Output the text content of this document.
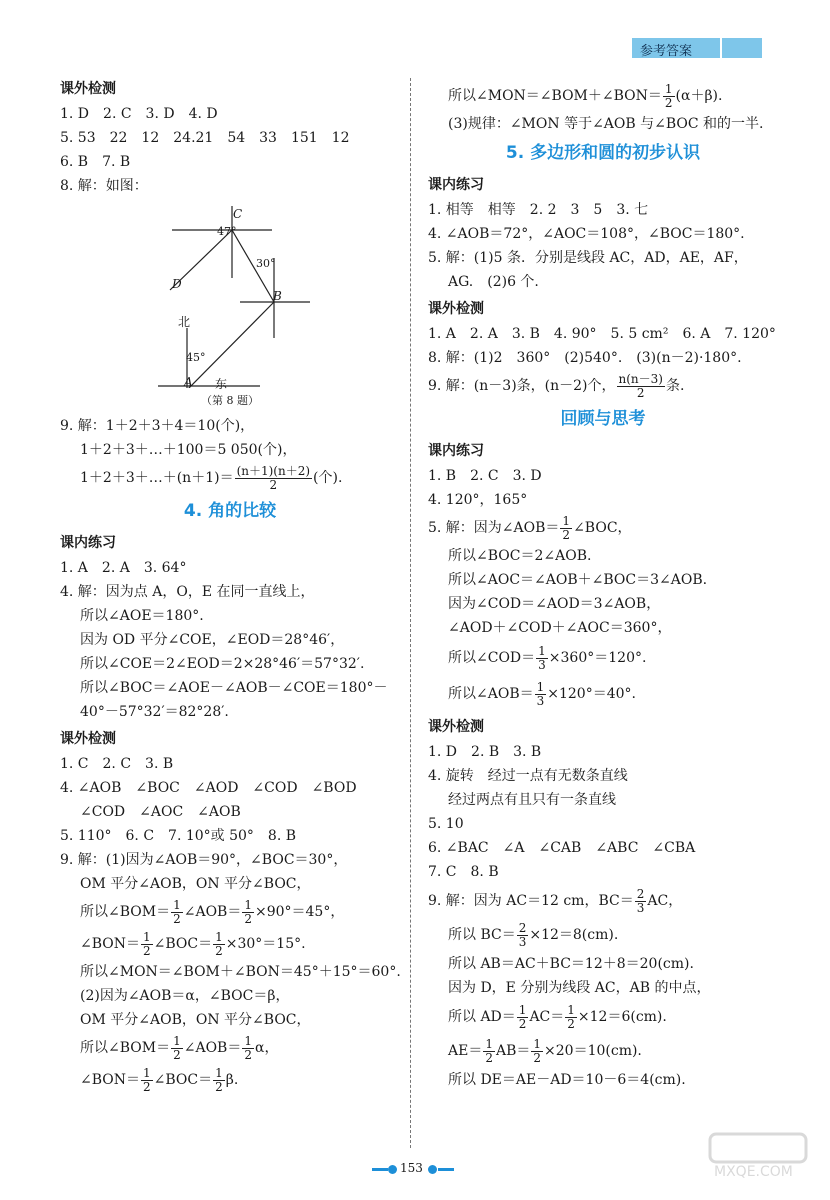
参考答案
课外检测
1. D　2. C　3. D　4. D
5. 53　22　12　24.21　54　33　151　12
6. B　7. B
8. 解：如图：
C
D
B
A
47°
30°
45°
北
东
（第 8 题）
9. 解：1＋2＋3＋4＝10(个)，
1＋2＋3＋…＋100＝5 050(个)，
1＋2＋3＋…＋(n＋1)＝ $\frac{(n+1)(n+2)}{2}$ (个).
4. 角的比较
课内练习
1. A　2. A　3. 64°
4. 解：因为点 A，O，E 在同一直线上，
所以∠AOE＝180°.
因为 OD 平分∠COE，∠EOD＝28°46′，
所以∠COE＝2∠EOD＝2×28°46′＝57°32′.
所以∠BOC＝∠AOE－∠AOB－∠COE＝180°－
40°－57°32′＝82°28′.
课外检测
1. C　2. C　3. B
4. ∠AOB　∠BOC　∠AOD　∠COD　∠BOD
∠COD　∠AOC　∠AOB
5. 110°　6. C　7. 10°或 50°　8. B
9. 解：(1)因为∠AOB＝90°，∠BOC＝30°，
OM 平分∠AOB，ON 平分∠BOC，
所以∠BOM＝ $\frac{1}{2}$ ∠AOB＝ $\frac{1}{2} \times 90^\circ=45^\circ$，
∠BON＝ $\frac{1}{2}$ ∠BOC＝ $\frac{1}{2} \times 30^\circ=15^\circ$.
所以∠MON＝∠BOM＋∠BON＝45°＋15°＝60°.
(2)因为∠AOB＝α，∠BOC＝β，
OM 平分∠AOB，ON 平分∠BOC，
所以∠BOM＝ $\frac{1}{2}$ ∠AOB＝ $\frac{1}{2}$ α，
∠BON＝ $\frac{1}{2}$ ∠BOC＝ $\frac{1}{2} \beta$.
所以∠MON＝∠BOM＋∠BON＝ $\frac{1}{2} (\alpha+\beta)$.
(3)规律：∠MON 等于∠AOB 与∠BOC 和的一半.
5. 多边形和圆的初步认识
课内练习
1. 相等　相等　2. 2　3　5　3. 七
4. ∠AOB＝72°，∠AOC＝108°，∠BOC＝180°.
5. 解：(1)5 条．分别是线段 AC，AD，AE，AF，
AG.　(2)6 个.
课外检测
1. A　2. A　3. B　4. 90°　5. 5 cm²　6. A　7. 120°
8. 解：(1)2　360°　(2)540°.　(3)(n－2)·180°.
9. 解：(n－3)条，(n－2)个， $\frac{n(n-3)}{2}$ 条.
回顾与思考
课内练习
1. B　2. C　3. D
4. 120°，165°
5. 解：因为∠AOB＝ $\frac{1}{2}$ ∠BOC，
所以∠BOC＝2∠AOB.
所以∠AOC＝∠AOB＋∠BOC＝3∠AOB.
因为∠COD＝∠AOD＝3∠AOB，
∠AOD＋∠COD＋∠AOC＝360°，
所以∠COD＝ $\frac{1}{3} \times 360^\circ=120^\circ$.
所以∠AOB＝ $\frac{1}{3} \times 120^\circ=40^\circ$.
课外检测
1. D　2. B　3. B
4. 旋转　经过一点有无数条直线
经过两点有且只有一条直线
5. 10
6. ∠BAC　∠A　∠CAB　∠ABC　∠CBA
7. C　8. B
9. 解：因为 AC＝12 cm，$BC= \frac{2}{3}$ AC，
所以 $BC= \frac{2}{3} \times 12=8(cm)$.
所以 AB＝AC＋BC＝12＋8＝20(cm).
因为 D，E 分别为线段 AC，AB 的中点，
所以 $AD= \frac{1}{2} AC= \frac{1}{2} \times 12=6(cm)$.
$AE= \frac{1}{2} AB= \frac{1}{2} \times 20=10(cm)$.
所以 DE＝AE－AD＝10－6＝4(cm).
153	MXQE.COM
